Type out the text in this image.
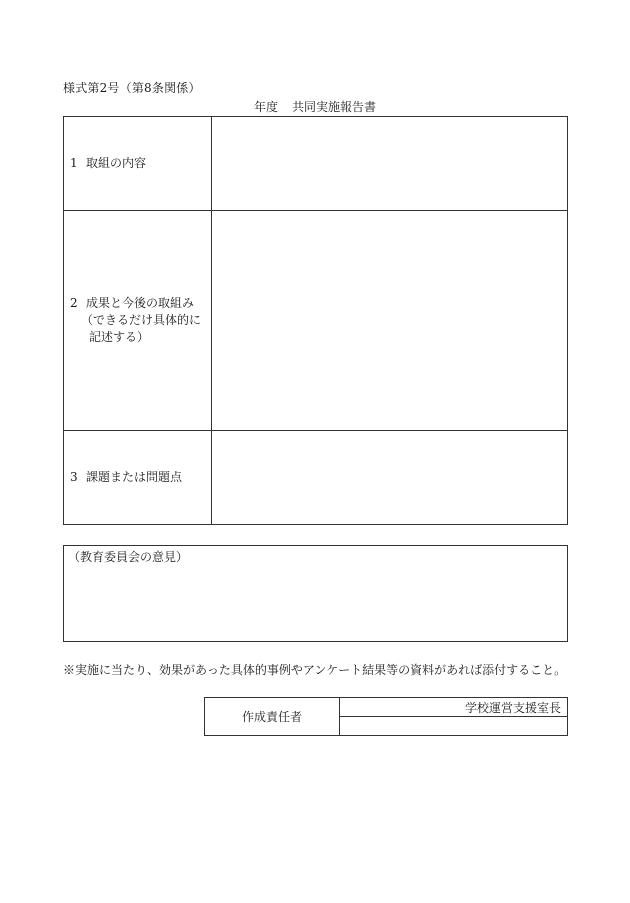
様式第2号（第8条関係）
年度 共同実施報告書
1 取組の内容	
2 成果と今後の取組み
（できるだけ具体的に
記述する）	

3 課題または問題点	
（教育委員会の意見）
※実施に当たり、効果があった具体的事例やアンケート結果等の資料があれば添付すること。
作成責任者	学校運営支援室長
